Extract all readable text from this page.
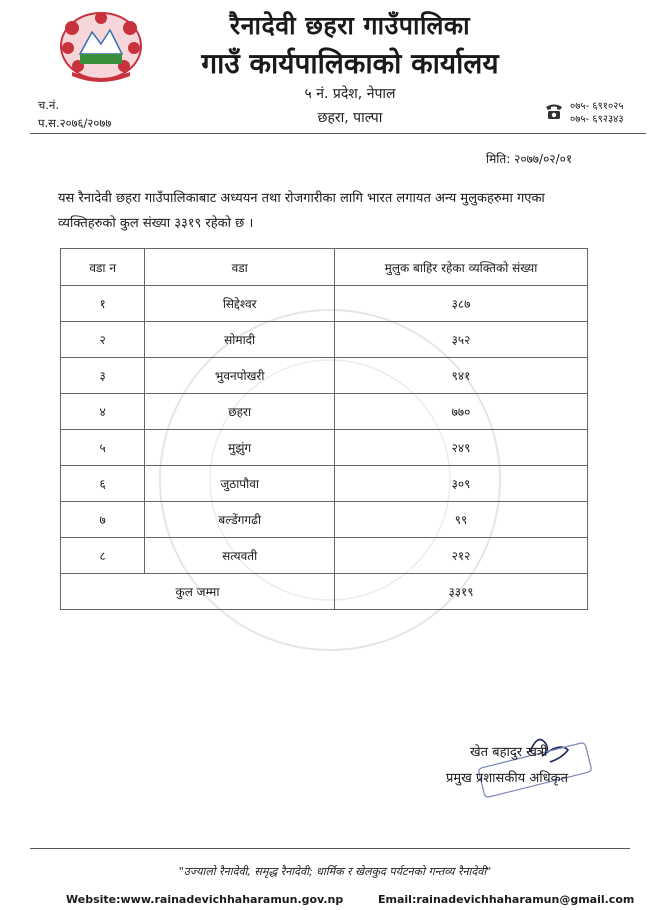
रैनादेवी छहरा गाउँपालिका
गाउँ कार्यपालिकाको कार्यालय
५ नं. प्रदेश, नेपाल
छहरा, पाल्पा
च.नं.
प.स.२०७६/२०७७
०७५- ६९१०२५
०७५- ६९२३४३
मिति: २०७७/०२/०१
यस रैनादेवी छहरा गाउँपालिकाबाट अध्ययन तथा रोजगारीका लागि भारत लगायत अन्य मुलुकहरुमा गएका व्यक्तिहरुको कुल संख्या ३३१९ रहेको छ ।
वडा न	वडा	मुलुक बाहिर रहेका व्यक्तिको संख्या
१	सिद्देश्वर	३८७
२	सोमादी	३५२
३	भुवनपोखरी	९४१
४	छहरा	७७०
५	मुझुंग	२४९
६	जुठापौवा	३०९
७	बल्डेंगगढी	९९
८	सत्यवती	२१२
कुल जम्मा		३३१९
खेत बहादुर खत्री
प्रमुख प्रशासकीय अधिकृत
"उज्यालो रैनादेवी, समृद्ध रैनादेवी; धार्मिक र खेलकुद पर्यटनको गन्तव्य रैनादेवी"
Website:www.rainadevichhaharamun.gov.np	Email:rainadevichhaharamun@gmail.com
